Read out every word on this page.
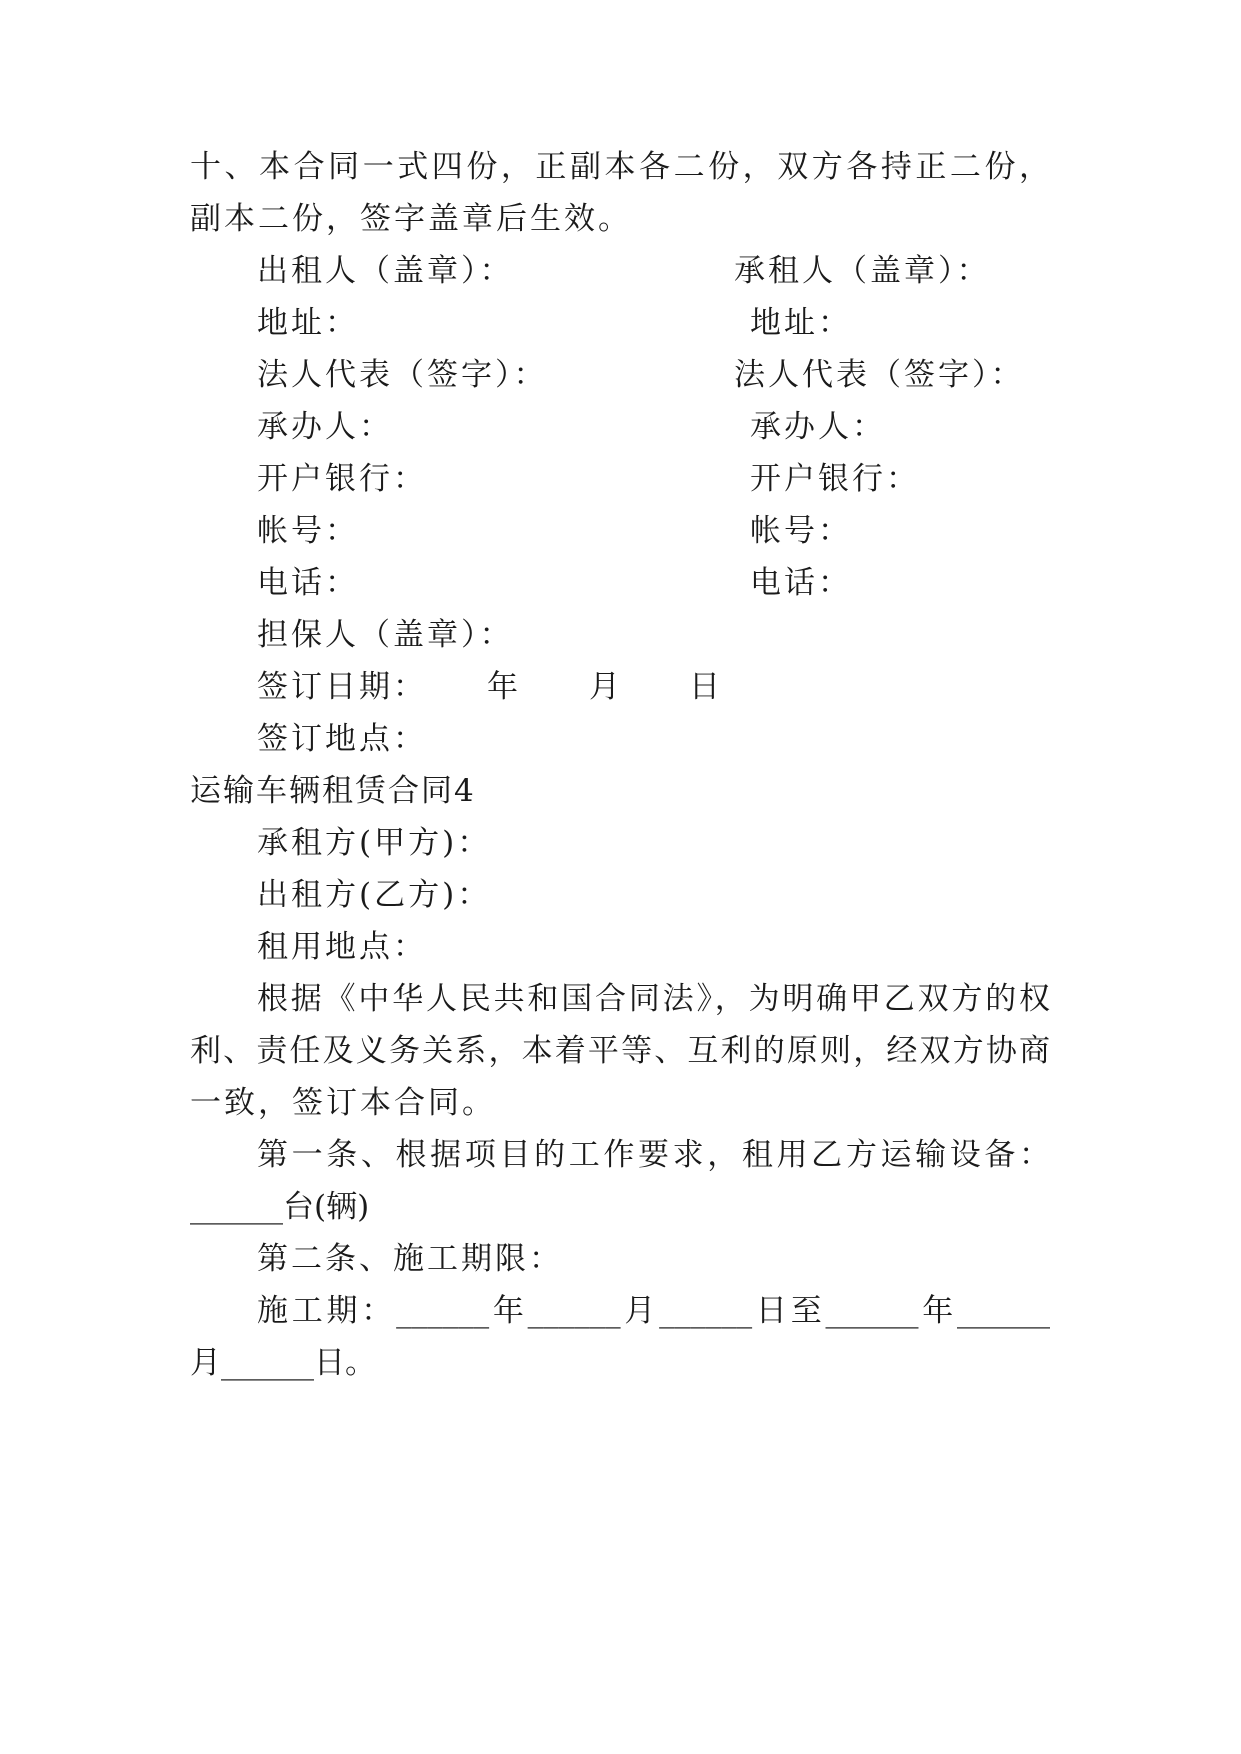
十、本合同一式四份，正副本各二份，双方各持正二份，
副本二份，签字盖章后生效。
出租人（盖章）：	承租人（盖章）：
地址：	地址：
法人代表（签字）：	法人代表（签字）：
承办人：	承办人：
开户银行：	开户银行：
帐号：	帐号：
电话：	电话：
担保人（盖章）：
签订日期： 年 月 日
签订地点：
运输车辆租赁合同4
承租方(甲方)：
出租方(乙方)：
租用地点：
根据《中华人民共和国合同法》，为明确甲乙双方的权
利、责任及义务关系，本着平等、互利的原则，经双方协商
一致，签订本合同。
第一条、根据项目的工作要求，租用乙方运输设备：
______台(辆)
第二条、施工期限：
施工期：______年______月______日至______年______
月______日。
